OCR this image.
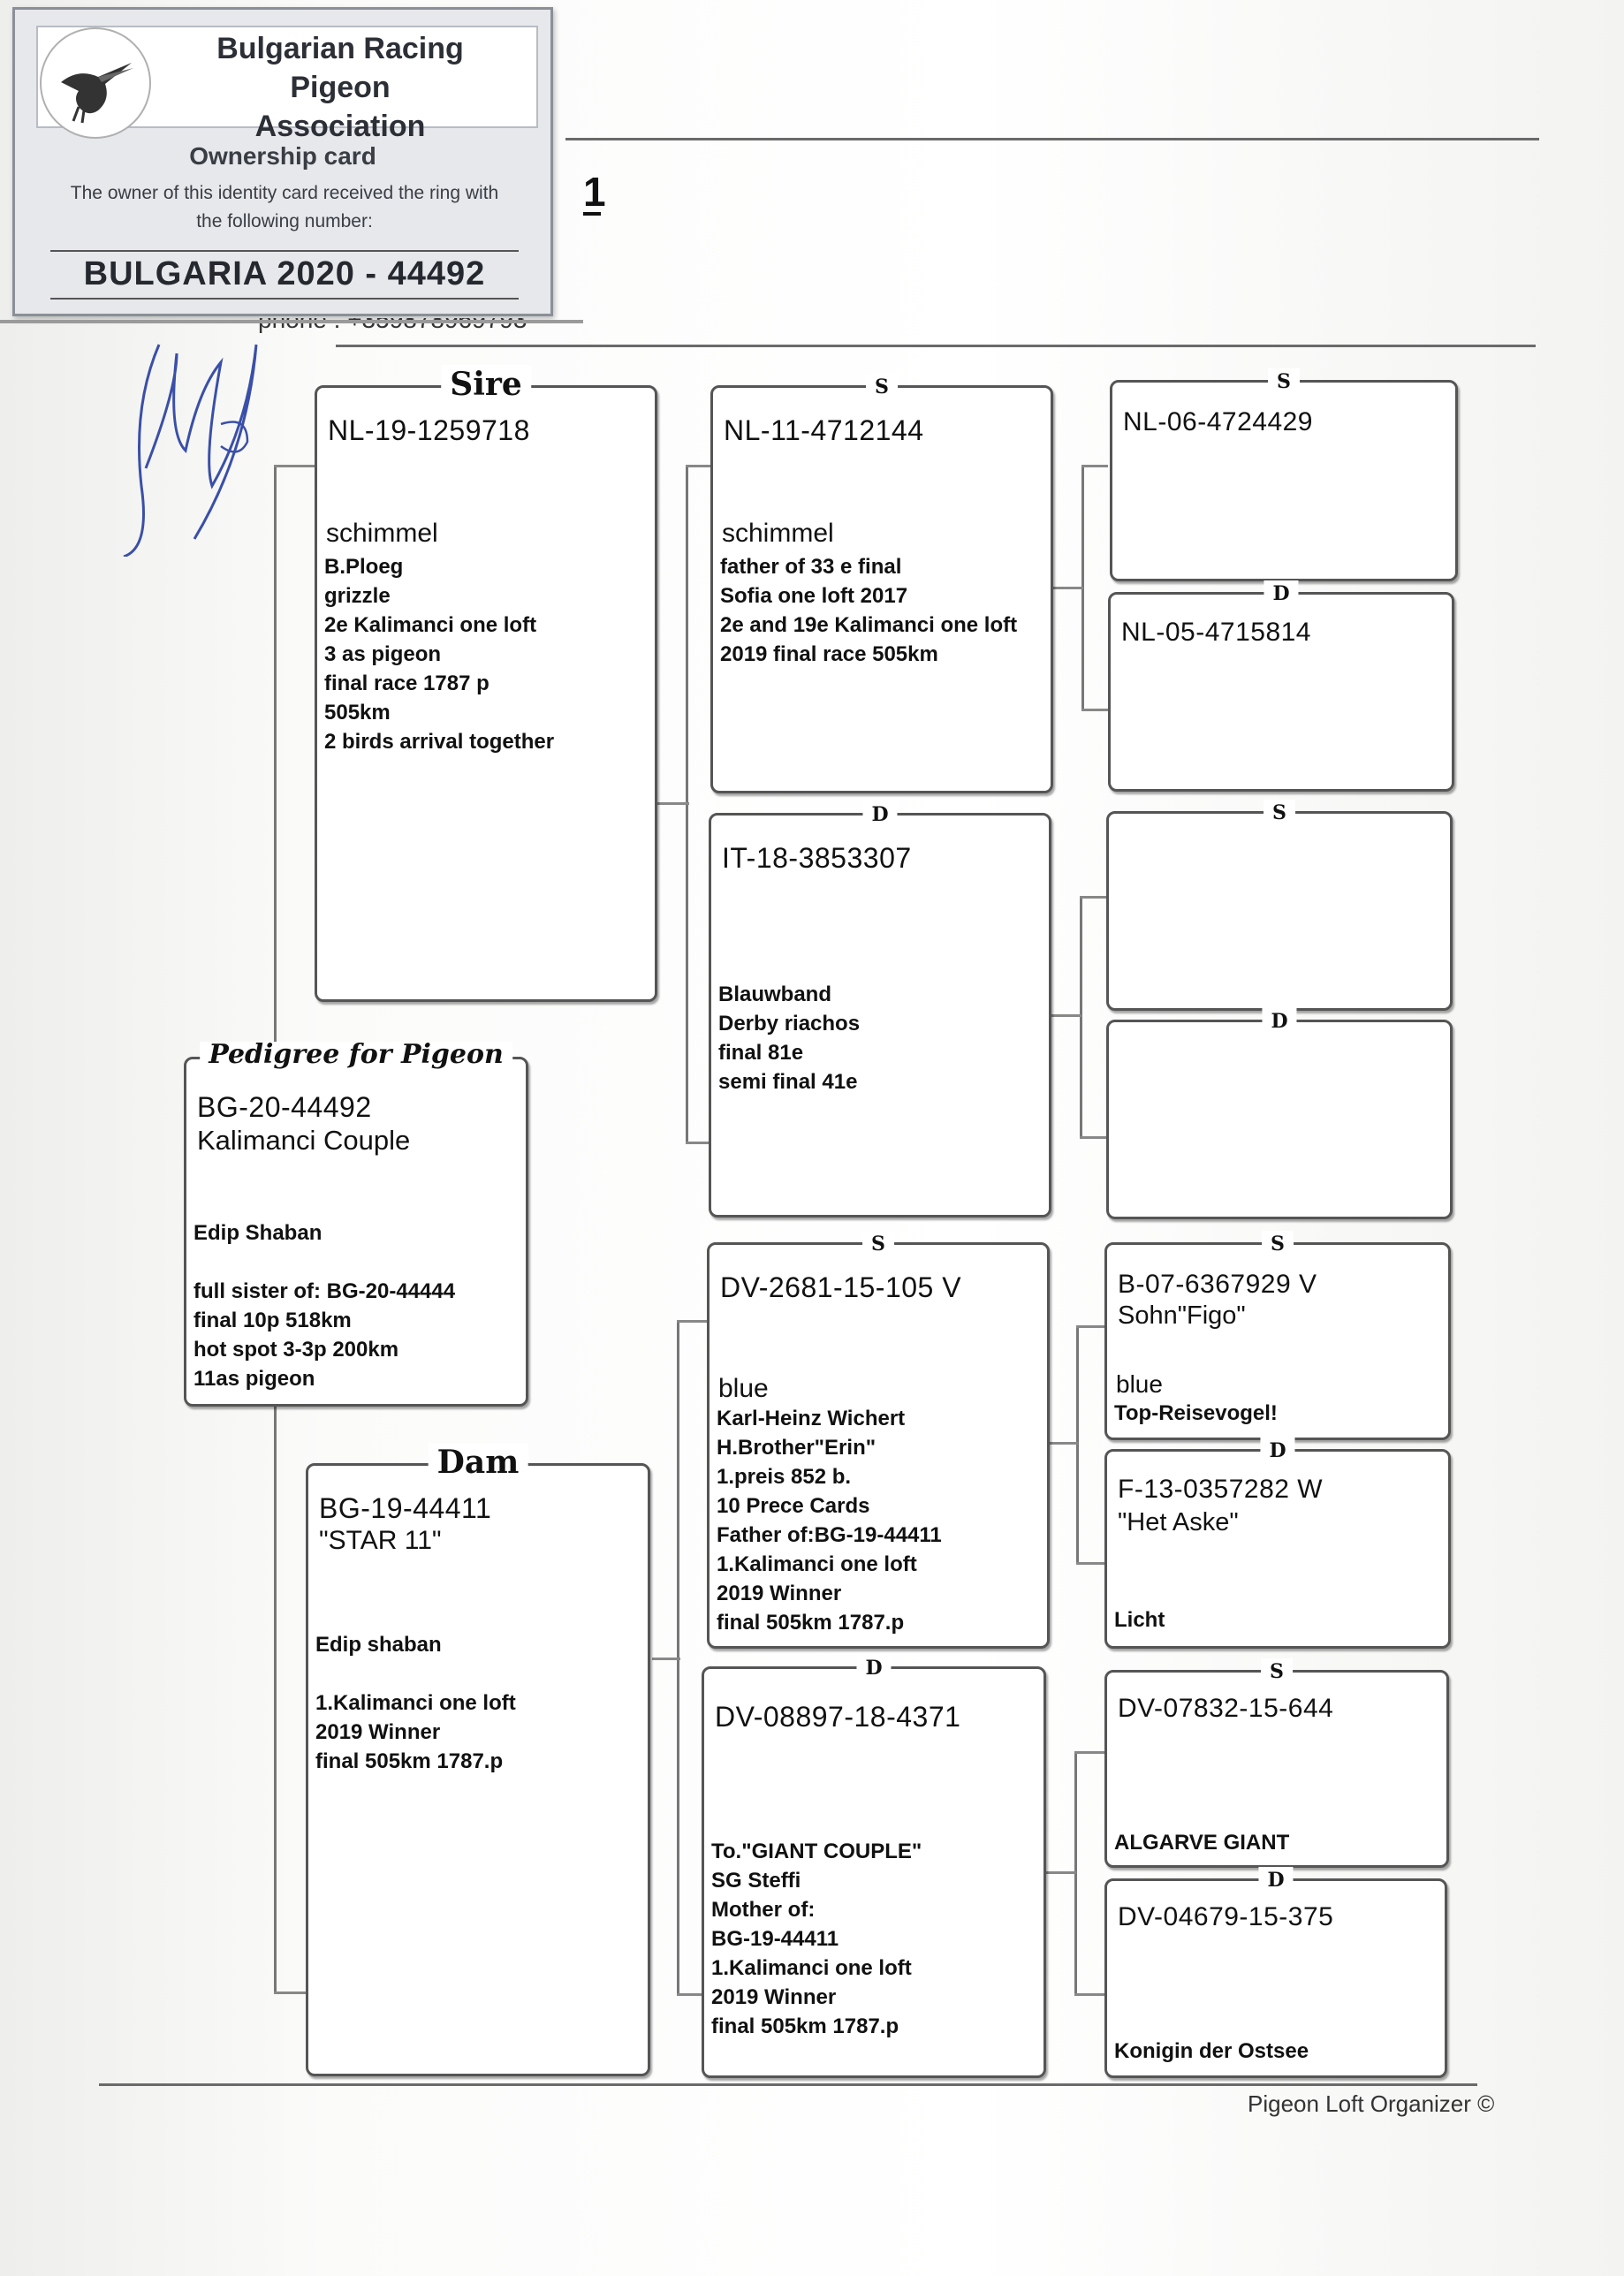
1
Bulgarian Racing Pigeon
Association
Ownership card
The owner of this identity card received the ring with
the following number:
BULGARIA 2020 - 44492
Pedigree for Pigeon
BG-20-44492
Kalimanci Couple
Edip Shaban
full sister of: BG-20-44444
final 10p 518km
hot spot 3-3p 200km
11as pigeon
Sire
NL-19-1259718
schimmel
B.Ploeg
grizzle
2e Kalimanci one loft
3 as pigeon
final race 1787 p
505km
2 birds arrival together
Dam
BG-19-44411
"STAR 11"
Edip shaban
1.Kalimanci one loft
2019 Winner
final 505km 1787.p
S
NL-11-4712144
schimmel
father of 33 e final
Sofia one loft 2017
2e and 19e Kalimanci one loft
2019 final race 505km
D
IT-18-3853307
Blauwband
Derby riachos
final 81e
semi final 41e
S
DV-2681-15-105 V
blue
Karl-Heinz Wichert
H.Brother"Erin"
1.preis 852 b.
10 Prece Cards
Father of:BG-19-44411
1.Kalimanci one loft
2019 Winner
final 505km 1787.p
D
DV-08897-18-4371
To."GIANT COUPLE"
SG Steffi
Mother of:
BG-19-44411
1.Kalimanci one loft
2019 Winner
final 505km 1787.p
S
NL-06-4724429
D
NL-05-4715814
S
D
S
B-07-6367929 V
Sohn"Figo"
blue
Top-Reisevogel!
D
F-13-0357282 W
"Het Aske"
Licht
S
DV-07832-15-644
ALGARVE GIANT
D
DV-04679-15-375
Konigin der Ostsee
Pigeon Loft Organizer ©
